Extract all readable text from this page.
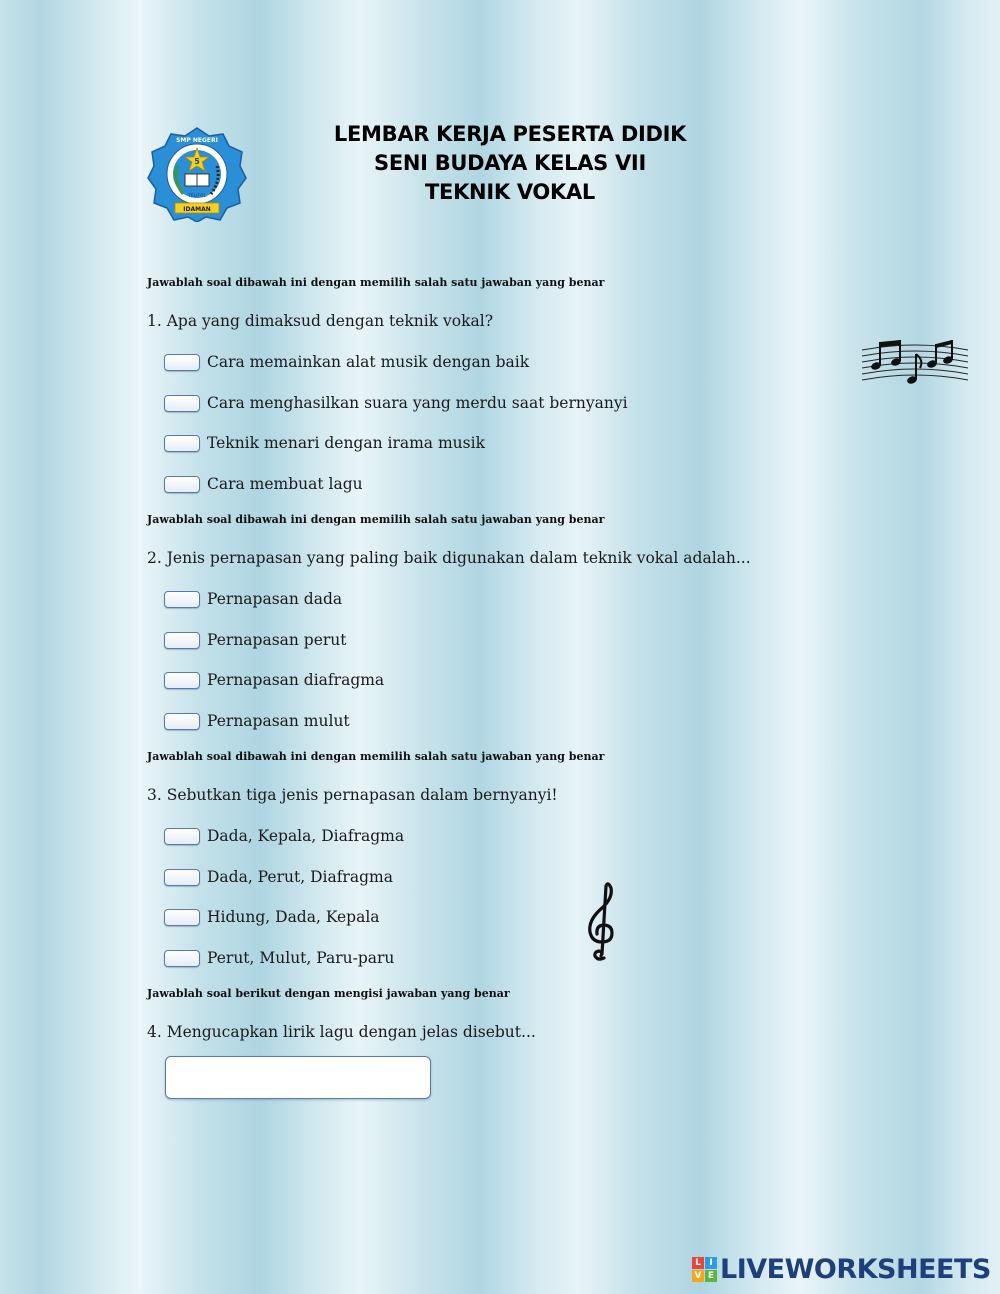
5
SMP NEGERI
TELITOL
IDAMAN
LEMBAR KERJA PESERTA DIDIK
SENI BUDAYA KELAS VII
TEKNIK VOKAL
Jawablah soal dibawah ini dengan memilih salah satu jawaban yang benar
1. Apa yang dimaksud dengan teknik vokal?
Cara memainkan alat musik dengan baik
Cara menghasilkan suara yang merdu saat bernyanyi
Teknik menari dengan irama musik
Cara membuat lagu
Jawablah soal dibawah ini dengan memilih salah satu jawaban yang benar
2. Jenis pernapasan yang paling baik digunakan dalam teknik vokal adalah...
Pernapasan dada
Pernapasan perut
Pernapasan diafragma
Pernapasan mulut
Jawablah soal dibawah ini dengan memilih salah satu jawaban yang benar
3. Sebutkan tiga jenis pernapasan dalam bernyanyi!
Dada, Kepala, Diafragma
Dada, Perut, Diafragma
Hidung, Dada, Kepala
Perut, Mulut, Paru-paru
Jawablah soal berikut dengan mengisi jawaban yang benar
4. Mengucapkan lirik lagu dengan jelas disebut...
L I
V E LIVEWORKSHEETS
